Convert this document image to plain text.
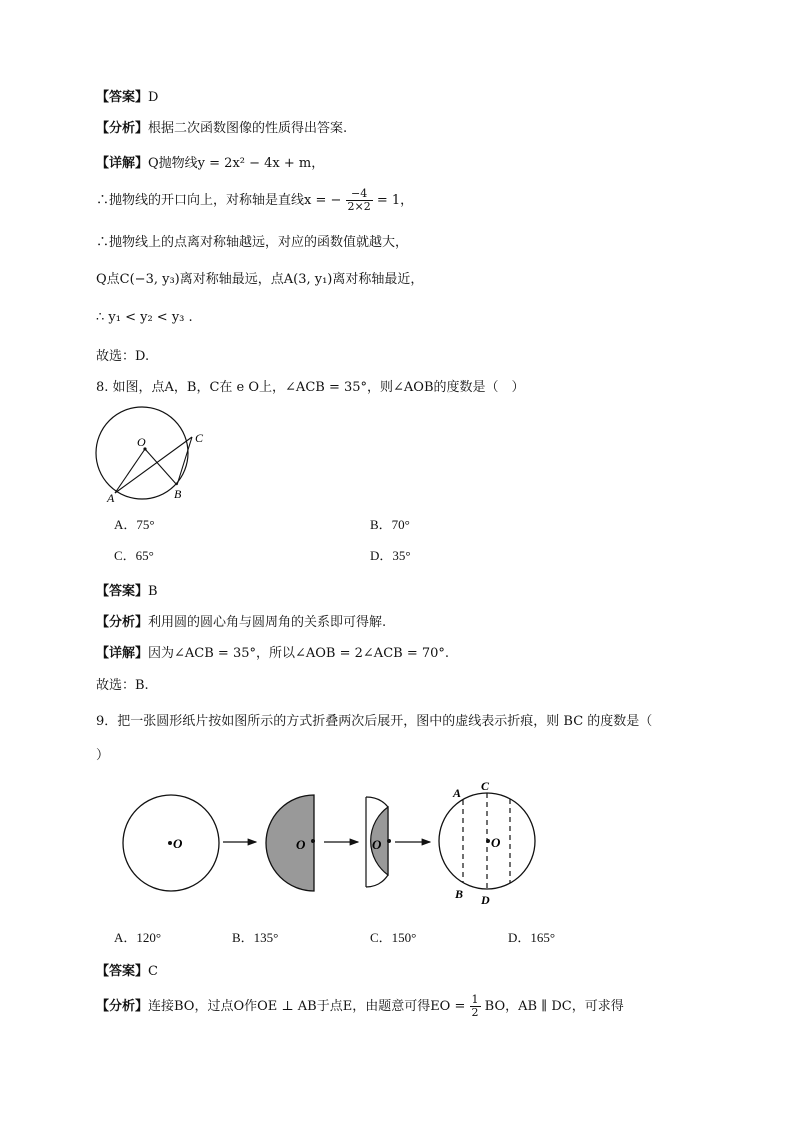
【答案】D
【分析】根据二次函数图像的性质得出答案.
【详解】Q抛物线y = 2x² − 4x + m，
∴抛物线的开口向上，对称轴是直线x = − $\frac{-4}{2\times 2} = 1$，
∴抛物线上的点离对称轴越远，对应的函数值就越大，
Q点C(−3, y₃)离对称轴最远，点A(3, y₁)离对称轴最近，
∴ y₁ < y₂ < y₃ .
故选：D.
8. 如图，点A，B，C在 e O上，∠ACB = 35°，则∠AOB的度数是（　）
O
A	B
C
A．75°	B．70°
C．65°	D．35°
【答案】B
【分析】利用圆的圆心角与圆周角的关系即可得解.
【详解】因为∠ACB = 35°，所以∠AOB = 2∠ACB = 70°.
故选：B.
9．把一张圆形纸片按如图所示的方式折叠两次后展开，图中的虚线表示折痕，则 BC 的度数是（
）
O	O	O	O
A C
B D
A．120°	B．135°	C．150°	D．165°
【答案】C
【分析】连接BO，过点O作OE ⊥ AB于点E，由题意可得EO = $\frac{1}{2}$ BO，AB ∥ DC，可求得
